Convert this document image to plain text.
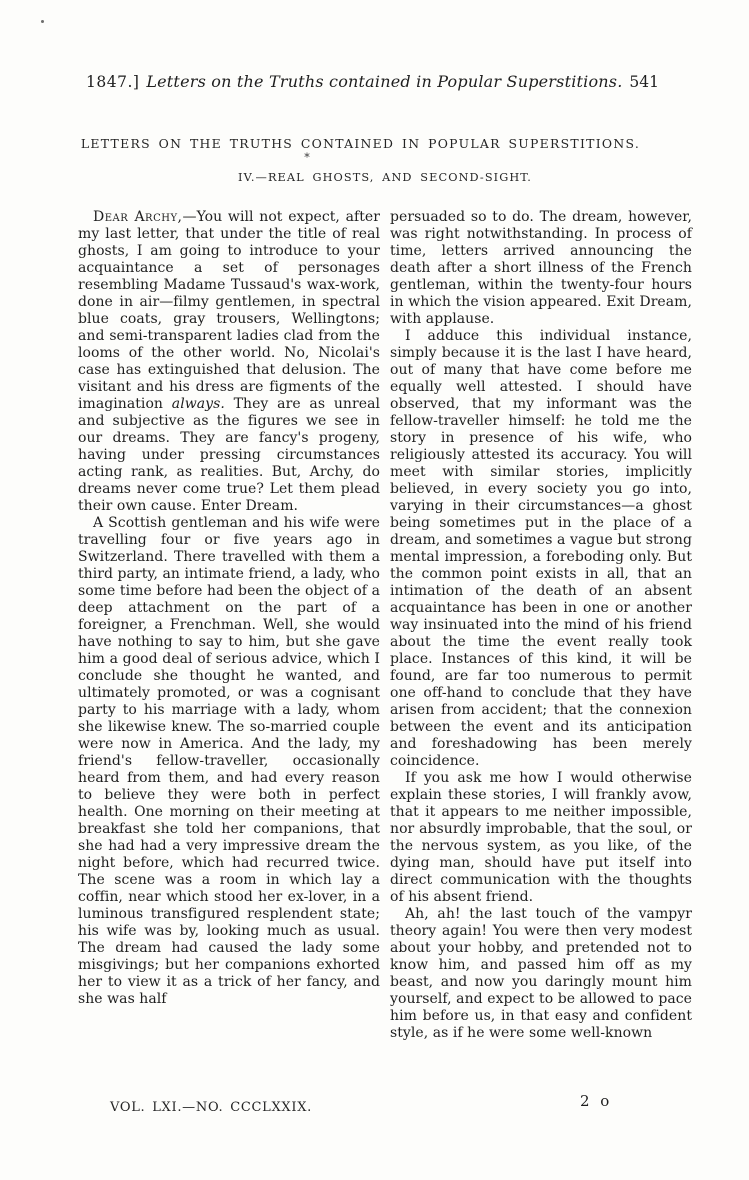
1847.] Letters on the Truths contained in Popular Superstitions. 541
LETTERS ON THE TRUTHS CONTAINED IN POPULAR SUPERSTITIONS.
*
IV.—REAL GHOSTS, AND SECOND-SIGHT.

Dear Archy,—You will not expect, after my last letter, that under the title of real ghosts, I am going to introduce to your acquaintance a set of personages resembling Madame Tussaud's wax-work, done in air—filmy gentlemen, in spectral blue coats, gray trousers, Wellingtons; and semi-transparent ladies clad from the looms of the other world. No, Nicolai's case has extinguished that delusion. The visitant and his dress are figments of the imagination always. They are as unreal and subjective as the figures we see in our dreams. They are fancy's progeny, having under pressing circumstances acting rank, as realities. But, Archy, do dreams never come true? Let them plead their own cause. Enter Dream.

A Scottish gentleman and his wife were travelling four or five years ago in Switzerland. There travelled with them a third party, an intimate friend, a lady, who some time before had been the object of a deep attachment on the part of a foreigner, a Frenchman. Well, she would have nothing to say to him, but she gave him a good deal of serious advice, which I conclude she thought he wanted, and ultimately promoted, or was a cognisant party to his marriage with a lady, whom she likewise knew. The so-married couple were now in America. And the lady, my friend's fellow-traveller, occasionally heard from them, and had every reason to believe they were both in perfect health. One morning on their meeting at breakfast she told her companions, that she had had a very impressive dream the night before, which had recurred twice. The scene was a room in which lay a coffin, near which stood her ex-lover, in a luminous transfigured resplendent state; his wife was by, looking much as usual. The dream had caused the lady some misgivings; but her companions exhorted her to view it as a trick of her fancy, and she was half

persuaded so to do. The dream, however, was right notwithstanding. In process of time, letters arrived announcing the death after a short illness of the French gentleman, within the twenty-four hours in which the vision appeared. Exit Dream, with applause.

I adduce this individual instance, simply because it is the last I have heard, out of many that have come before me equally well attested. I should have observed, that my informant was the fellow-traveller himself: he told me the story in presence of his wife, who religiously attested its accuracy. You will meet with similar stories, implicitly believed, in every society you go into, varying in their circumstances—a ghost being sometimes put in the place of a dream, and sometimes a vague but strong mental impression, a foreboding only. But the common point exists in all, that an intimation of the death of an absent acquaintance has been in one or another way insinuated into the mind of his friend about the time the event really took place. Instances of this kind, it will be found, are far too numerous to permit one off-hand to conclude that they have arisen from accident; that the connexion between the event and its anticipation and foreshadowing has been merely coincidence.

If you ask me how I would otherwise explain these stories, I will frankly avow, that it appears to me neither impossible, nor absurdly improbable, that the soul, or the nervous system, as you like, of the dying man, should have put itself into direct communication with the thoughts of his absent friend.

Ah, ah! the last touch of the vampyr theory again! You were then very modest about your hobby, and pretended not to know him, and passed him off as my beast, and now you daringly mount him yourself, and expect to be allowed to pace him before us, in that easy and confident style, as if he were some well-known

VOL. LXI.—NO. CCCLXXIX.	2 o
